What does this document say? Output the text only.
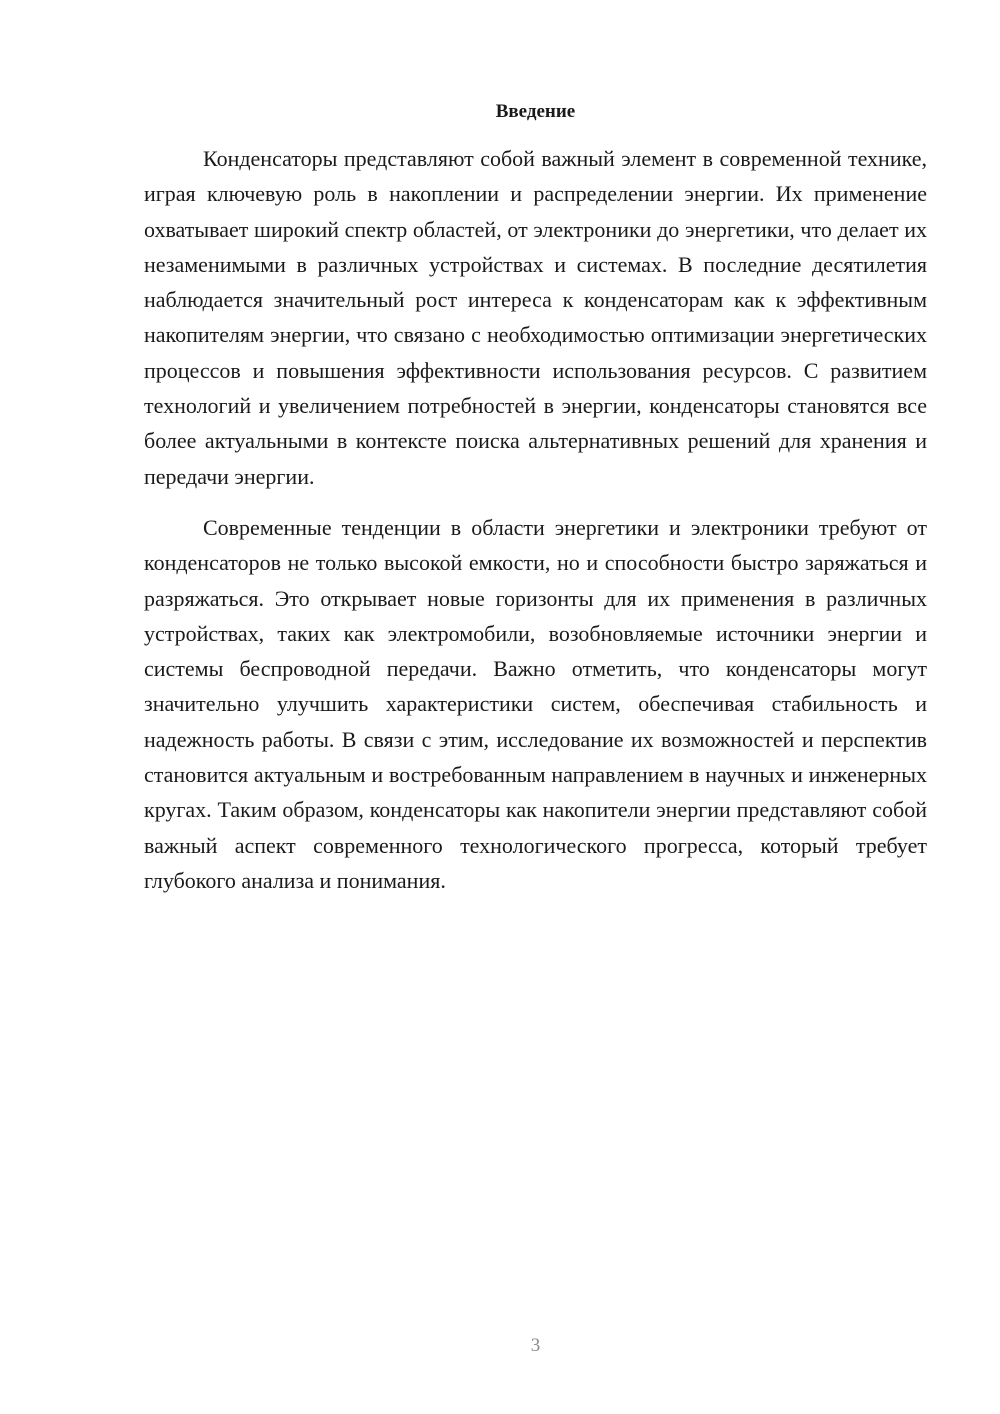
Введение

Конденсаторы представляют собой важный элемент в современной технике, играя ключевую роль в накоплении и распределении энергии. Их применение охватывает широкий спектр областей, от электроники до энергетики, что делает их незаменимыми в различных устройствах и системах. В последние десятилетия наблюдается значительный рост интереса к конденсаторам как к эффективным накопителям энергии, что связано с необходимостью оптимизации энергетических процессов и повышения эффективности использования ресурсов. С развитием технологий и увеличением потребностей в энергии, конденсаторы становятся все более актуальными в контексте поиска альтернативных решений для хранения и передачи энергии.

Современные тенденции в области энергетики и электроники требуют от конденсаторов не только высокой емкости, но и способности быстро заряжаться и разряжаться. Это открывает новые горизонты для их применения в различных устройствах, таких как электромобили, возобновляемые источники энергии и системы беспроводной передачи. Важно отметить, что конденсаторы могут значительно улучшить характеристики систем, обеспечивая стабильность и надежность работы. В связи с этим, исследование их возможностей и перспектив становится актуальным и востребованным направлением в научных и инженерных кругах. Таким образом, конденсаторы как накопители энергии представляют собой важный аспект современного технологического прогресса, который требует глубокого анализа и понимания.

3
